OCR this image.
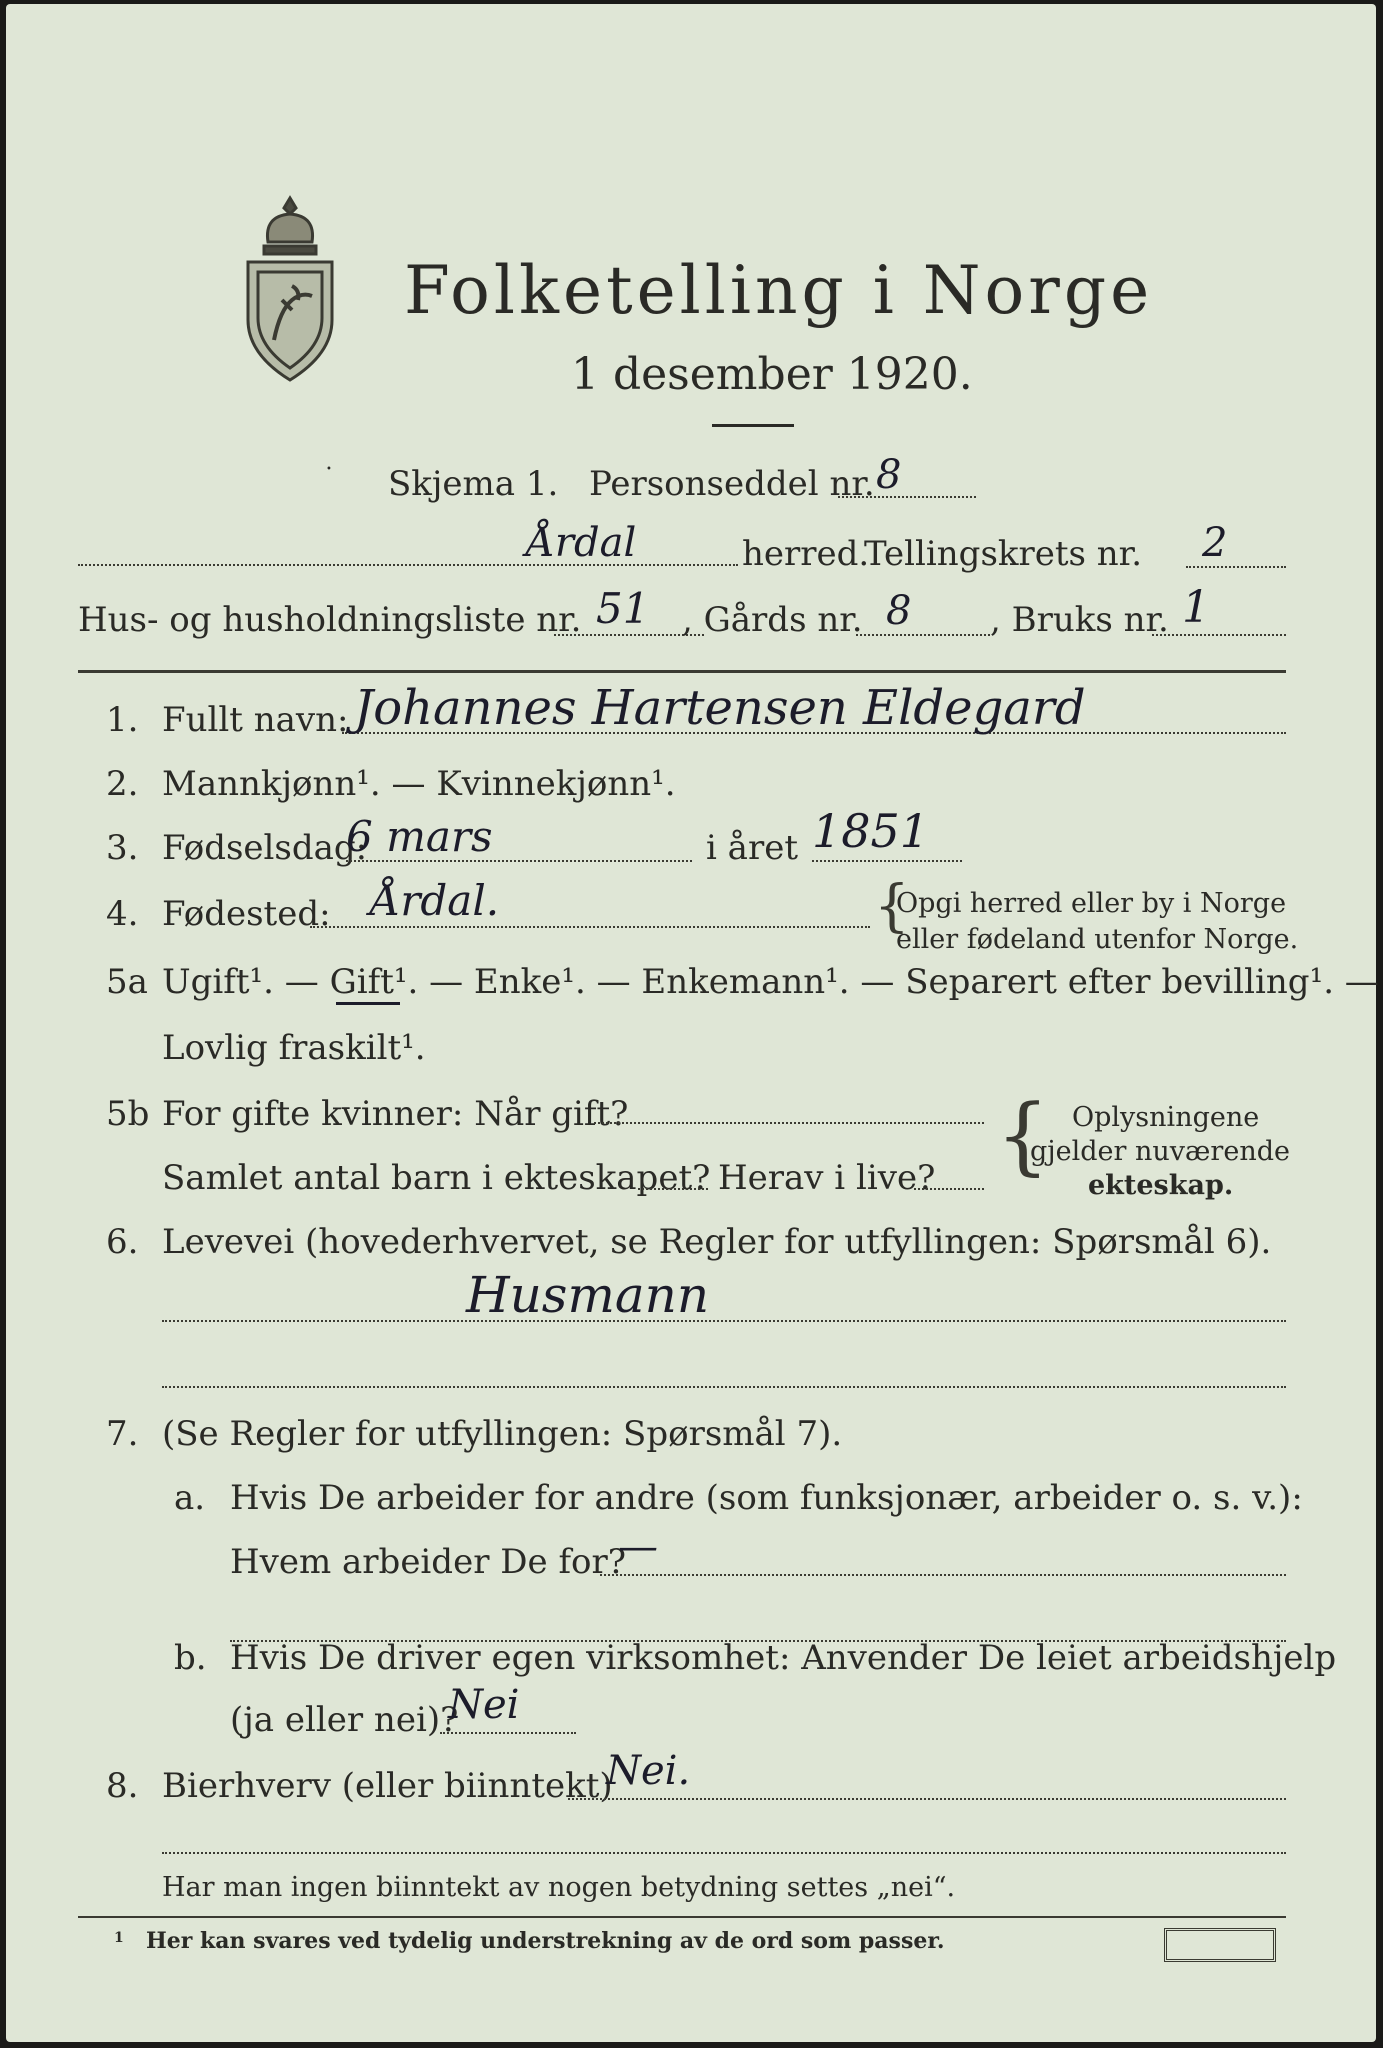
Folketelling i Norge
1 desember 1920.
• Skjema 1. Personseddel nr. 8
Årdal	herred.
Tellingskrets nr. 2
Hus- og husholdningsliste nr. 51 , Gårds nr. 8 , Bruks nr. 1
1. Fullt navn: Johannes Hartensen Eldegard
2. Mannkjønn¹. — Kvinnekjønn¹.
3. Fødselsdag:
6 mars	i året 1851
4. Fødested: Årdal.	{
Opgi herred eller by i Norge
eller fødeland utenfor Norge.
5a Ugift¹. — Gift¹. — Enke¹. — Enkemann¹. — Separert efter bevilling¹. —
Lovlig fraskilt¹.
5b For gifte kvinner: Når gift?
Samlet antal barn i ekteskapet? Herav i live? { Oplysningene
gjelder nuværende
ekteskap.
6. Levevei (hovederhvervet, se Regler for utfyllingen: Spørsmål 6).
Husmann
7. (Se Regler for utfyllingen: Spørsmål 7).
a. Hvis De arbeider for andre (som funksjonær, arbeider o. s. v.):
Hvem arbeider De for?
—
b. Hvis De driver egen virksomhet: Anvender De leiet arbeidshjelp
(ja eller nei)?
Nei
8. Bierhverv (eller biinntekt)
Nei.
Har man ingen biinntekt av nogen betydning settes „nei“.
1 Her kan svares ved tydelig understrekning av de ord som passer.
